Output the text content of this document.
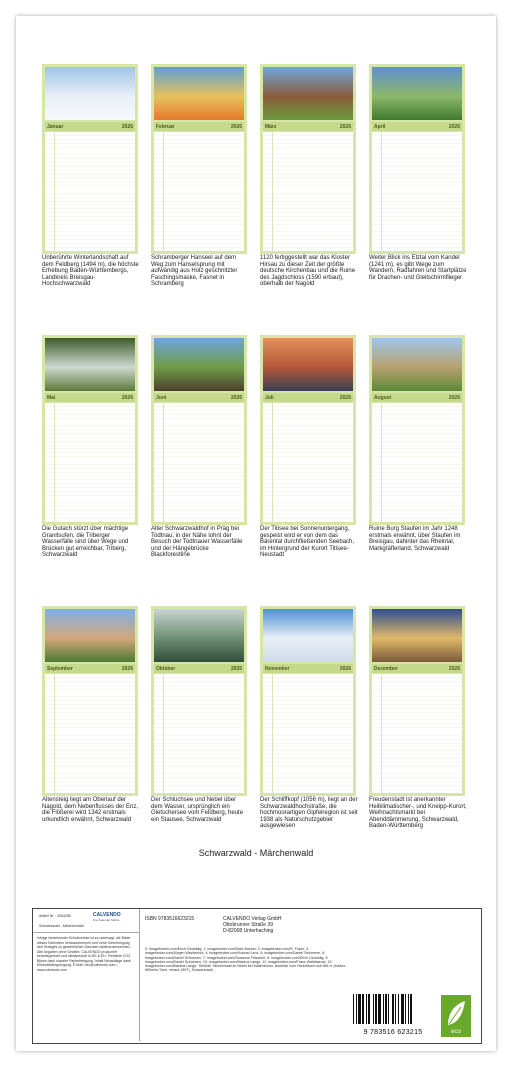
Januar	2026
Unberührte Winterlandschaft auf dem Feldberg (1494 m), die höchste Erhebung Baden-Württembergs, Landkreis Breisgau-Hochschwarzwald
Februar	2026
Schramberger Hanseel auf dem Weg zum Hanselsprung mit aufwändig aus Holz geschnitzter Faschingsmaske, Fasnet in Schramberg
März	2026
1120 fertiggestellt war das Kloster Hirsau zu dieser Zeit der größte deutsche Kirchenbau und die Ruine des Jagdschloss (1590 erbaut), oberhalb der Nagold
April	2026
Weiter Blick ins Elztal vom Kandel (1241 m), es gibt Wege zum Wandern, Radfahren und Startplätze für Drachen- und Gleitschirmflieger
Mai	2026
Die Gutach stürzt über mächtige Granitsufen, die Triberger Wasserfälle sind über Wege und Brücken gut erreichbar, Triberg, Schwarzwald
Juni	2026
Alter Schwarzwaldhof in Präg bei Todtnau, in der Nähe lohnt der Besuch der Todtnauer Wasserfälle und der Hängebrücke Blackforestline
Juli	2026
Der Titisee bei Sonnenuntergang, gespeist wird er von dem das Bärental durchfließenden Seebach, im Hintergrund der Kurort Titisee-Neustadt
August	2026
Ruine Burg Staufen im Jahr 1248 erstmals erwähnt, über Staufen im Breisgau, dahinter das Rheintal, Markgräflerland, Schwarzwald
September	2026
Altensteig liegt am Oberlauf der Nagold, dem Nebenflusses der Enz, die Flößerei wird 1342 erstmals urkundlich erwähnt, Schwarzwald
Oktober	2026
Der Schluchsee und Nebel über dem Wasser, ursprünglich ein Gletschersee vom Feldberg, heute ein Stausee, Schwarzwald
November	2026
Der Schliffkopf (1056 m), liegt an der Schwarzwaldhochstraße, die hochmoorartigen Gipfelregion ist seit 1938 als Naturschutzgebiet ausgewiesen
Dezember	2026
Freudenstadt ist anerkannter Heilklimatischer-, und Kneipp-Kurort, Weihnachtsmarkt bei Abenddämmerung, Schwarzwald, Baden-Württemberg
Schwarzwald - Märchenwald
Artikel Nr. : 2064265
Schwarzwald - Märchenwald
CALVENDO
Die Kalender Marke
Infolge bestehender Schutzrechte ist es untersagt, die Bilder dieses Kalenders herauszutrennen und ohne Genehmigung des Verlages zu gewerblichen Zwecken weiterzuverwenden. Alle Angaben ohne Gewähr. CALVENDO produziert bedarfsgerecht und klimaneutral in DE & EU. Preisliste CO2-Bilanz dank sozialer Papierfertigung. Inhalt Neuauflage dank Eitzenbildbegrüngung. E-Mail: info@calvendo.com • www.calvendo.com
ISBN 9783516623215	CALVENDO Verlag GmbH
Ottobrunner Straße 39
D-82008 Unterhaching
0: Imagebroker.com/Erich Geduldig, 1: imagebroker.com/Dark Boeser, 2: imagebroker.com/R. Frank, 3: imagebroker.com/Jürgen Wackenhut, 4: imagebroker.com/Konrad Lenz, 5: imagebroker.com/Daniel Schoenen, 6: imagebroker.com/Daniel Schoenen, 7: imagebroker.com/Susanne Fritzsche, 8: imagebroker.com/Erich Geduldig, 9: imagebroker.com/Daniel Schoenen, 10: imagebroker.com/Markus Lange, 11: imagebroker.com/Franz Waldhaeusl, 12: imagebroker.com/Markus Lange. Titelbild: Tannenwald im Nebel bei Kaltenbronn, Ausblick vom Hohlohturm auf 984 m (Kaiser-Wilhelm-Turm, erbaut 1897), Schwarzwald
9 783516 623215	eco
